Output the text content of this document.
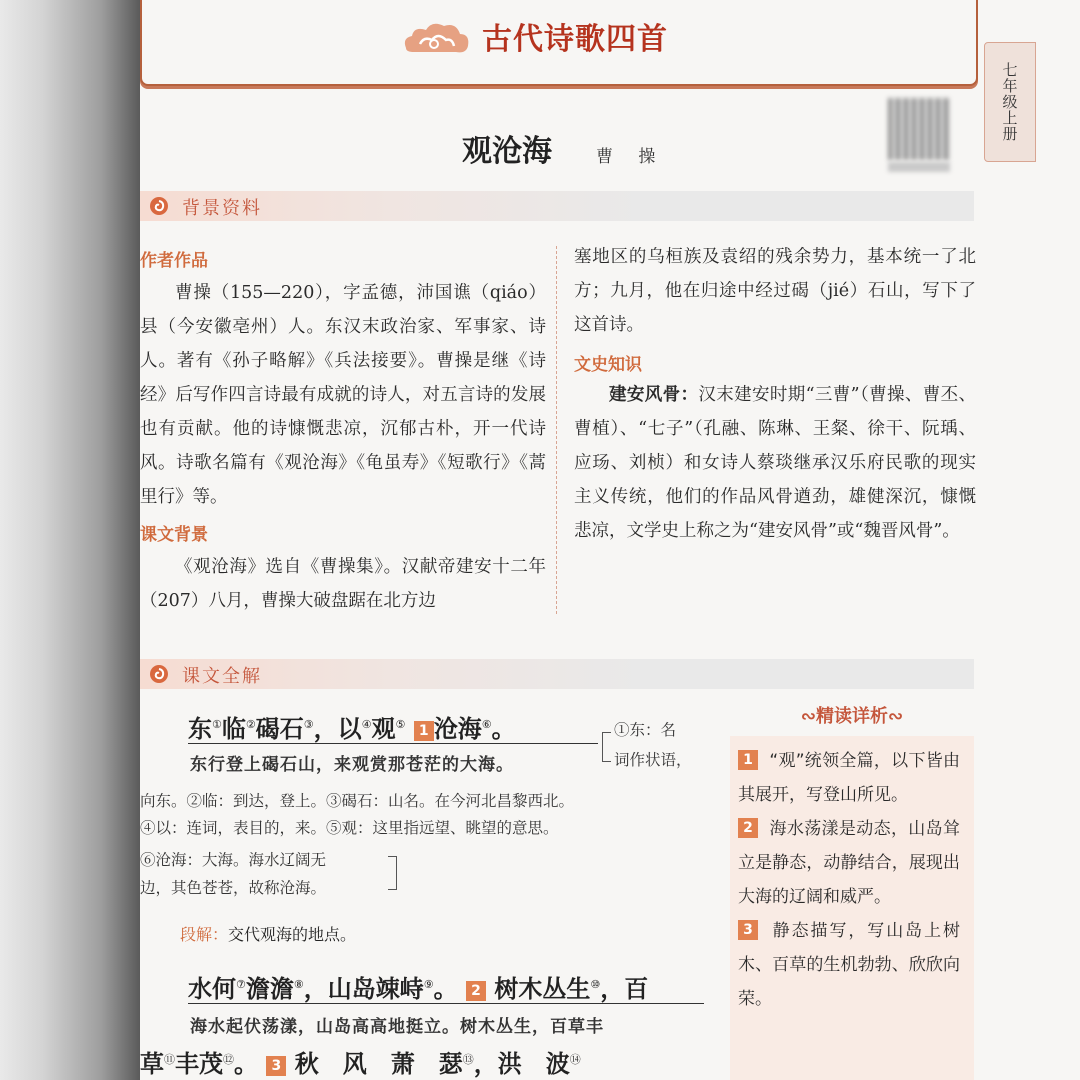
古代诗歌四首
七年级上册
观沧海	曹 操
背景资料
作者作品

曹操（155—220），字孟德，沛国谯（qiáo）县（今安徽亳州）人。东汉末政治家、军事家、诗人。著有《孙子略解》《兵法接要》。曹操是继《诗经》后写作四言诗最有成就的诗人，对五言诗的发展也有贡献。他的诗慷慨悲凉，沉郁古朴，开一代诗风。诗歌名篇有《观沧海》《龟虽寿》《短歌行》《蒿里行》等。

课文背景

《观沧海》选自《曹操集》。汉献帝建安十二年（207）八月，曹操大破盘踞在北方边

塞地区的乌桓族及袁绍的残余势力，基本统一了北方；九月，他在归途中经过碣（jié）石山，写下了这首诗。

文史知识

建安风骨：汉末建安时期“三曹”（曹操、曹丕、曹植）、“七子”（孔融、陈琳、王粲、徐干、阮瑀、应玚、刘桢）和女诗人蔡琰继承汉乐府民歌的现实主义传统，他们的作品风骨遒劲，雄健深沉，慷慨悲凉，文学史上称之为“建安风骨”或“魏晋风骨”。

课文全解
东①临②碣石③，以④观⑤ 1 沧海⑥。
东行登上碣石山，来观赏那苍茫的大海。
①东：名
词作状语，
向东。②临：到达，登上。③碣石：山名。在今河北昌黎西北。
④以：连词，表目的，来。⑤观：这里指远望、眺望的意思。
⑥沧海：大海。海水辽阔无
边，其色苍苍，故称沧海。
段解：交代观海的地点。
水何⑦澹澹⑧，山岛竦峙⑨。 2 树木丛生⑩，百
海水起伏荡漾，山岛高高地挺立。树木丛生，百草丰
草⑪丰茂⑫。 3 秋　风　萧　瑟⑬，洪　波⑭
∾精读详析∾

1 “观”统领全篇，以下皆由其展开，写登山所见。

2 海水荡漾是动态，山岛耸立是静态，动静结合，展现出大海的辽阔和威严。

3 静态描写，写山岛上树木、百草的生机勃勃、欣欣向荣。
